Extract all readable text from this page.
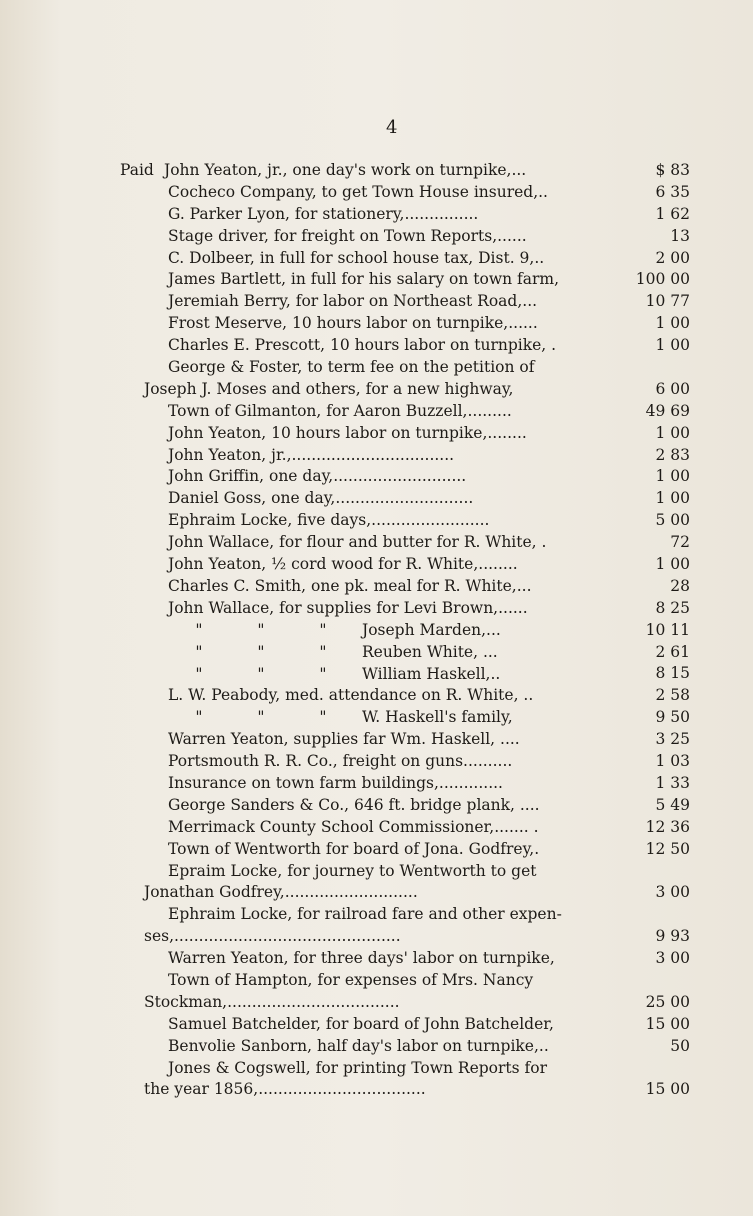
4
Paid John Yeaton, jr., one day's work on turnpike,...	$ 83
Cocheco Company, to get Town House insured,..	6 35
G. Parker Lyon, for stationery,...............	1 62
Stage driver, for freight on Town Reports,......	13
C. Dolbeer, in full for school house tax, Dist. 9,..	2 00
James Bartlett, in full for his salary on town farm,	100 00
Jeremiah Berry, for labor on Northeast Road,...	10 77
Frost Meserve, 10 hours labor on turnpike,......	1 00
Charles E. Prescott, 10 hours labor on turnpike, .	1 00
George & Foster, to term fee on the petition of
Joseph J. Moses and others, for a new highway,	6 00
Town of Gilmanton, for Aaron Buzzell,.........	49 69
John Yeaton, 10 hours labor on turnpike,........	1 00
John Yeaton, jr.,.................................	2 83
John Griffin, one day,...........................	1 00
Daniel Goss, one day,............................	1 00
Ephraim Locke, five days,........................	5 00
John Wallace, for flour and butter for R. White, .	72
John Yeaton, ½ cord wood for R. White,........	1 00
Charles C. Smith, one pk. meal for R. White,...	28
John Wallace, for supplies for Levi Brown,......	8 25
"	"	" Joseph Marden,...	10 11
"	"	" Reuben White, ...	2 61
"	"	" William Haskell,..	8 15
L. W. Peabody, med. attendance on R. White, ..	2 58
"	"	" W. Haskell's family,	9 50
Warren Yeaton, supplies far Wm. Haskell, ....	3 25
Portsmouth R. R. Co., freight on guns..........	1 03
Insurance on town farm buildings,.............	1 33
George Sanders & Co., 646 ft. bridge plank, ....	5 49
Merrimack County School Commissioner,....... .	12 36
Town of Wentworth for board of Jona. Godfrey,.	12 50
Epraim Locke, for journey to Wentworth to get
Jonathan Godfrey,...........................	3 00
Ephraim Locke, for railroad fare and other expen-
ses,..............................................	9 93
Warren Yeaton, for three days' labor on turnpike,	3 00
Town of Hampton, for expenses of Mrs. Nancy
Stockman,...................................	25 00
Samuel Batchelder, for board of John Batchelder,	15 00
Benvolie Sanborn, half day's labor on turnpike,..	50
Jones & Cogswell, for printing Town Reports for
the year 1856,..................................	15 00
